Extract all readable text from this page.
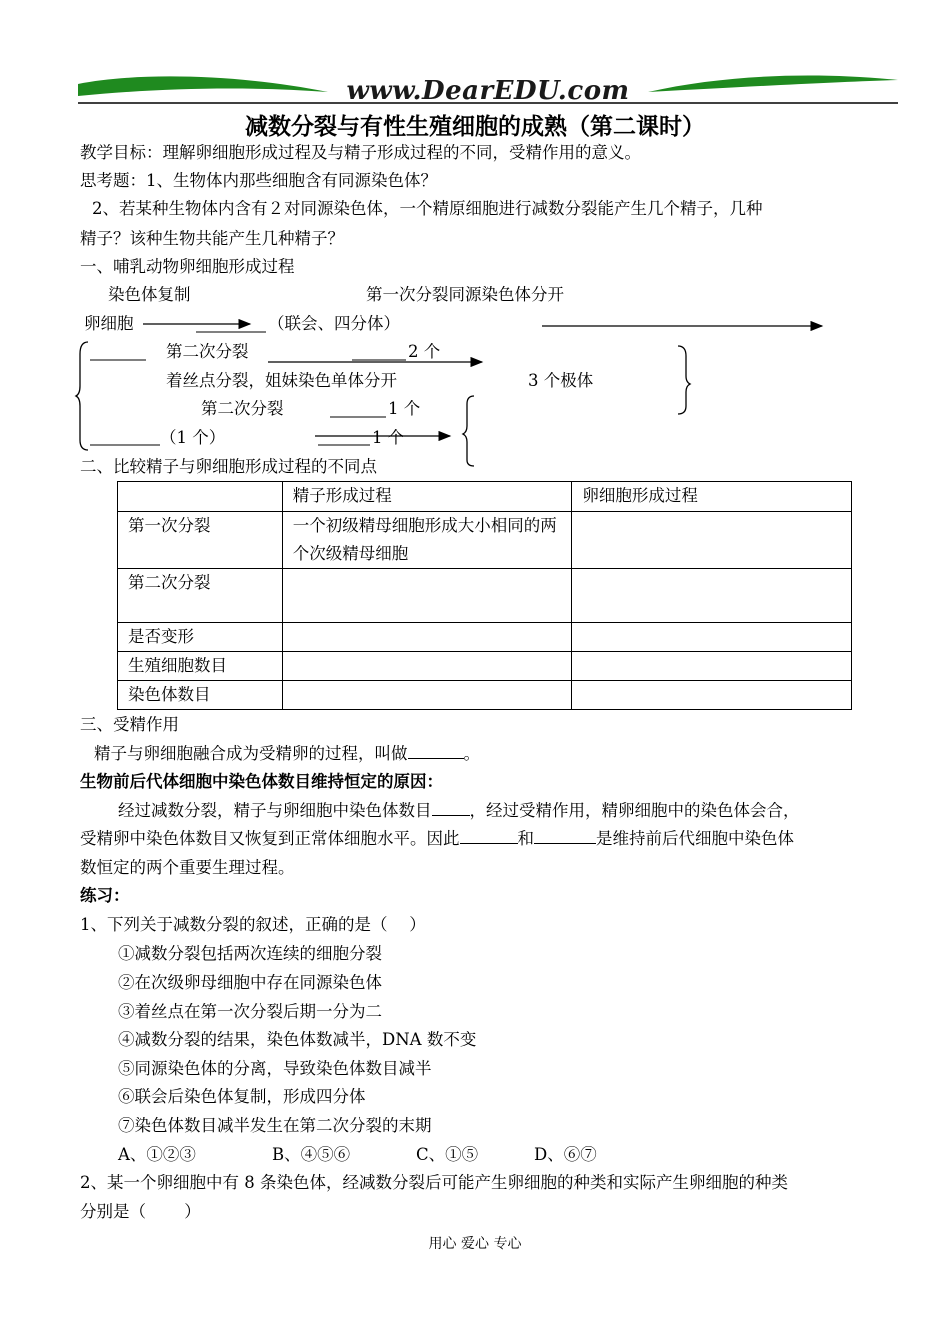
www.DearEDU.com
减数分裂与有性生殖细胞的成熟（第二课时）
教学目标：理解卵细胞形成过程及与精子形成过程的不同，受精作用的意义。
思考题：1、生物体内那些细胞含有同源染色体？
2、若某种生物体内含有２对同源染色体，一个精原细胞进行减数分裂能产生几个精子，几种
精子？该种生物共能产生几种精子？
一、哺乳动物卵细胞形成过程
染色体复制	第一次分裂同源染色体分开
卵细胞	（联会、四分体）
第二次分裂	2 个
着丝点分裂，姐妹染色单体分开	3 个极体
第二次分裂	1 个
（1 个）	1 个
二、比较精子与卵细胞形成过程的不同点
	精子形成过程	卵细胞形成过程
第一次分裂	一个初级精母细胞形成大小相同的两个次级精母细胞	
第二次分裂		
是否变形		
生殖细胞数目		
染色体数目		
三、受精作用
精子与卵细胞融合成为受精卵的过程，叫做	。
生物前后代体细胞中染色体数目维持恒定的原因：
经过减数分裂，精子与卵细胞中染色体数目 ，经过受精作用，精卵细胞中的染色体会合，
受精卵中染色体数目又恢复到正常体细胞水平。因此	和	是维持前后代细胞中染色体
数恒定的两个重要生理过程。
练习：
1、下列关于减数分裂的叙述，正确的是（　 ）
①减数分裂包括两次连续的细胞分裂
②在次级卵母细胞中存在同源染色体
③着丝点在第一次分裂后期一分为二
④减数分裂的结果，染色体数减半，DNA 数不变
⑤同源染色体的分离，导致染色体数目减半
⑥联会后染色体复制，形成四分体
⑦染色体数目减半发生在第二次分裂的末期
A、①②③	B、④⑤⑥	C、①⑤	D、⑥⑦
2、某一个卵细胞中有 8 条染色体，经减数分裂后可能产生卵细胞的种类和实际产生卵细胞的种类
分别是（　　 ）
用心 爱心 专心
